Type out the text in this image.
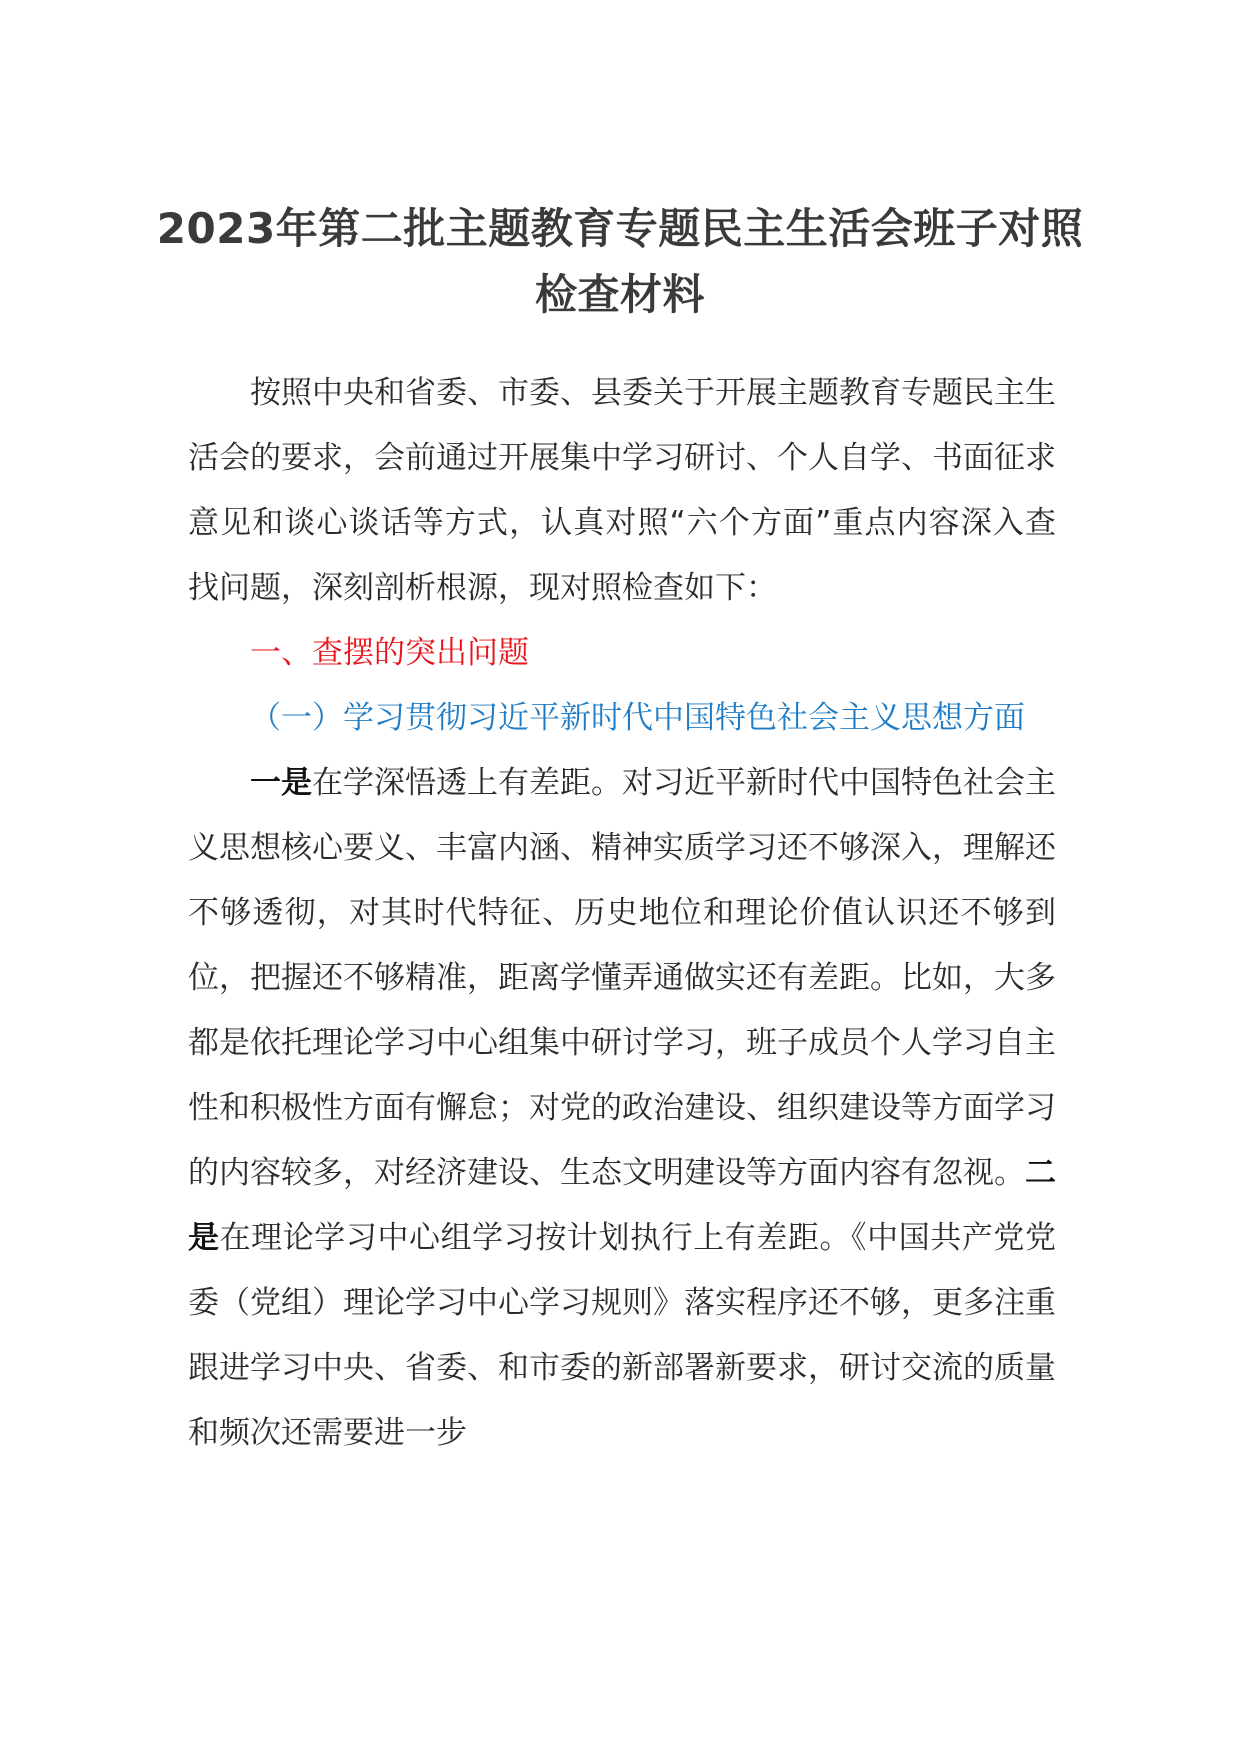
2023年第二批主题教育专题民主生活会班子对照检查材料

按照中央和省委、市委、县委关于开展主题教育专题民主生活会的要求，会前通过开展集中学习研讨、个人自学、书面征求意见和谈心谈话等方式，认真对照“六个方面”重点内容深入查找问题，深刻剖析根源，现对照检查如下：

一、查摆的突出问题

（一）学习贯彻习近平新时代中国特色社会主义思想方面

一是在学深悟透上有差距。对习近平新时代中国特色社会主义思想核心要义、丰富内涵、精神实质学习还不够深入，理解还不够透彻，对其时代特征、历史地位和理论价值认识还不够到位，把握还不够精准，距离学懂弄通做实还有差距。比如，大多都是依托理论学习中心组集中研讨学习，班子成员个人学习自主性和积极性方面有懈怠；对党的政治建设、组织建设等方面学习的内容较多，对经济建设、生态文明建设等方面内容有忽视。二是在理论学习中心组学习按计划执行上有差距。《中国共产党党委（党组）理论学习中心学习规则》落实程序还不够，更多注重跟进学习中央、省委、和市委的新部署新要求，研讨交流的质量和频次还需要进一步
